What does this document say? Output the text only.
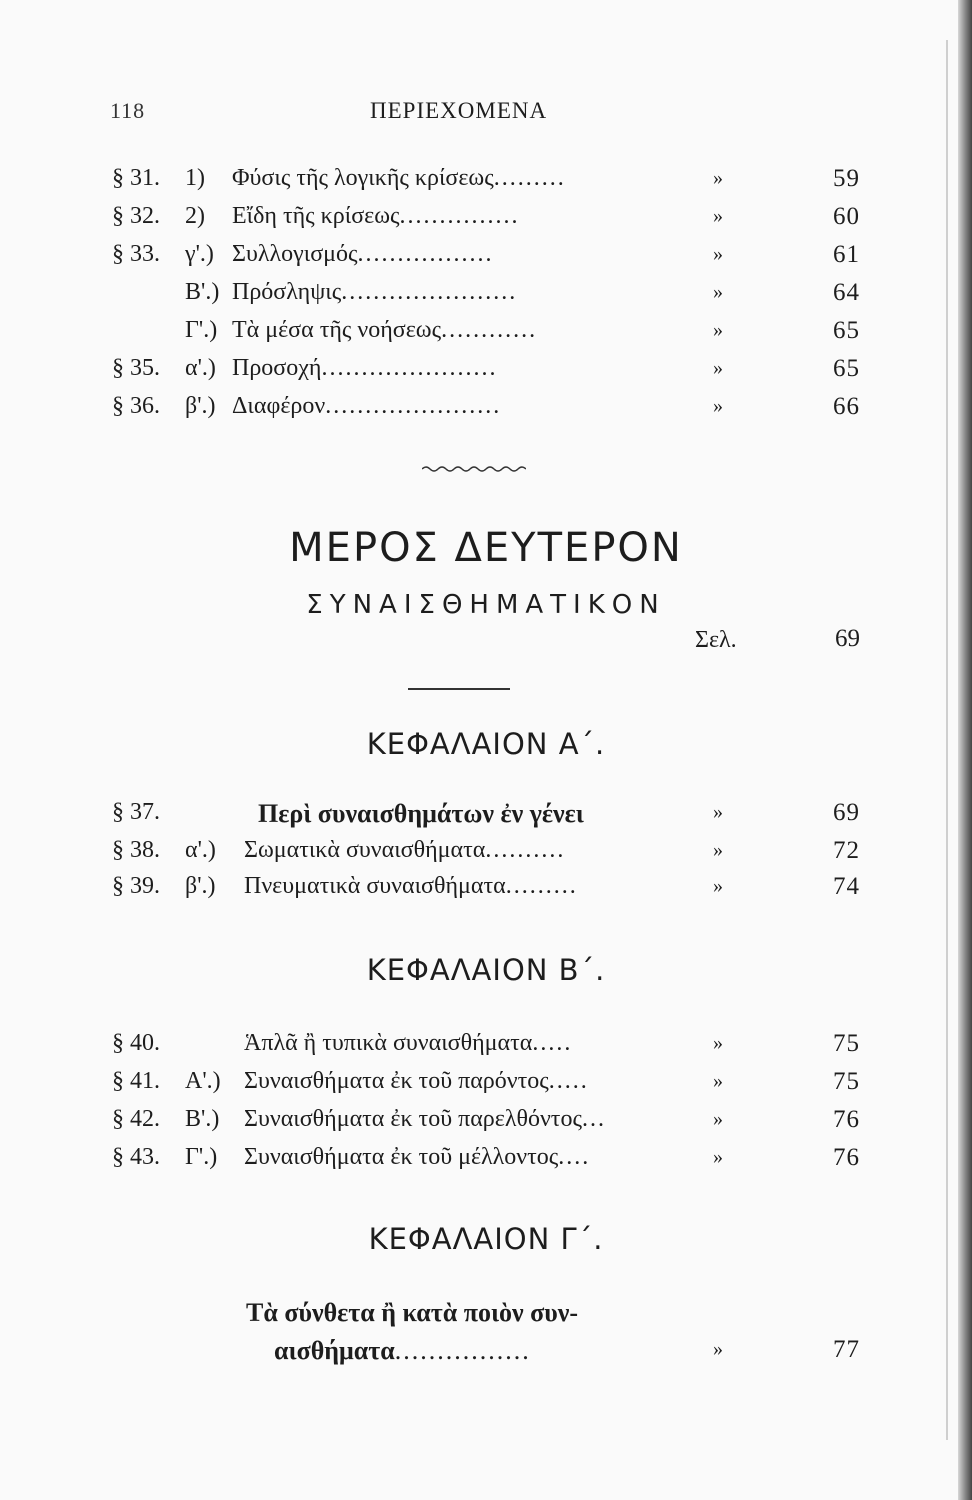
118	ΠΕΡΙΕΧΟΜΕΝΑ
§ 31. 1) Φύσις τῆς λογικῆς κρίσεως.........	»	59
§ 32. 2) Εἴδη τῆς κρίσεως...............	»	60
§ 33. γ'.) Συλλογισμός.................	»	61
Β'.) Πρόσληψις......................	»	64
Γ'.) Τὰ μέσα τῆς νοήσεως............	»	65
§ 35. α'.) Προσοχή......................	»	65
§ 36. β'.) Διαφέρον......................	»	66
ΜΕΡΟΣ ΔΕΥΤΕΡΟΝ
ΣΥΝΑΙΣΘΗΜΑΤΙΚΟΝ
Σελ.	69
ΚΕΦΑΛΑΙΟΝ Α΄.
§ 37.	Περὶ συναισθημάτων ἐν γένει	»	69
§ 38. α'.) Σωματικὰ συναισθήματα..........	»	72
§ 39. β'.) Πνευματικὰ συναισθήματα.........	»	74
ΚΕΦΑΛΑΙΟΝ Β΄.
§ 40.	Ἁπλᾶ ἢ τυπικὰ συναισθήματα.....	»	75
§ 41. Α'.) Συναισθήματα ἐκ τοῦ παρόντος.....	»	75
§ 42. Β'.) Συναισθήματα ἐκ τοῦ παρελθόντος...	»	76
§ 43. Γ'.) Συναισθήματα ἐκ τοῦ μέλλοντος....	»	76
ΚΕΦΑΛΑΙΟΝ Γ΄.
Τὰ σύνθετα ἢ κατὰ ποιὸν συν-
αισθήματα................	»	77
